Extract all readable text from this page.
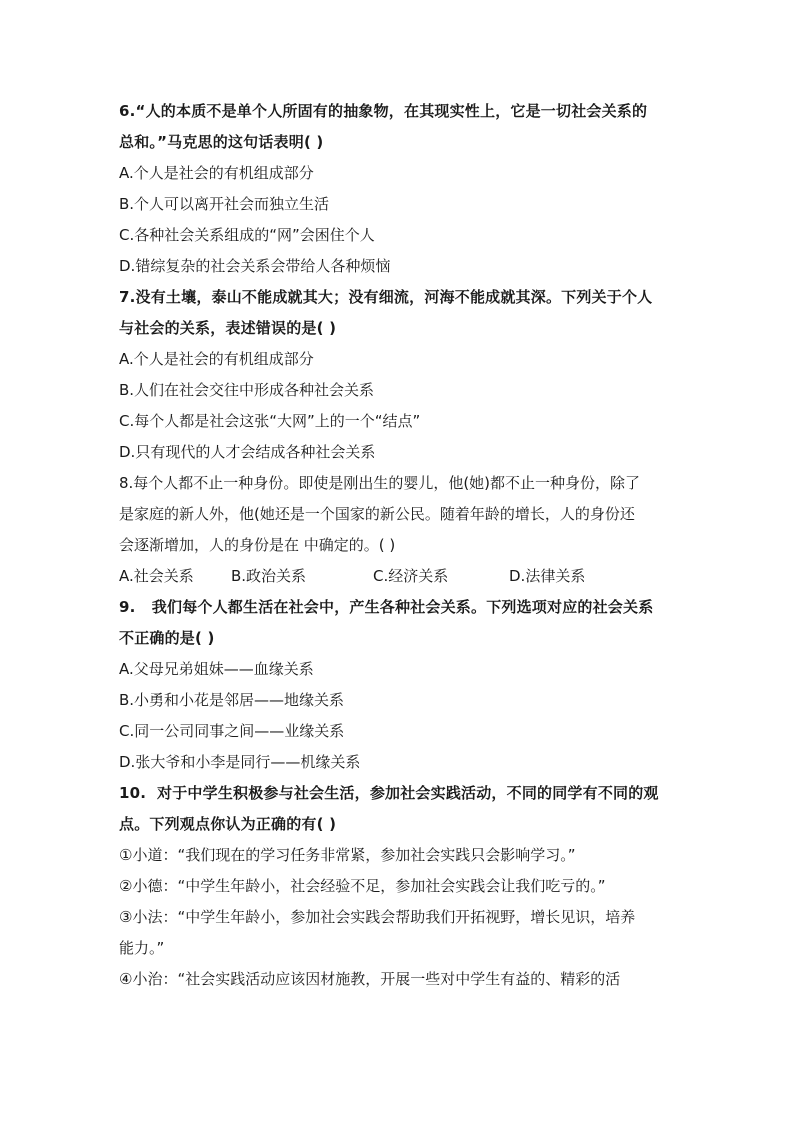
6.“人的本质不是单个人所固有的抽象物，在其现实性上，它是一切社会关系的
总和。”马克思的这句话表明( )
A.个人是社会的有机组成部分
B.个人可以离开社会而独立生活
C.各种社会关系组成的“网”会困住个人
D.错综复杂的社会关系会带给人各种烦恼
7.没有土壤，泰山不能成就其大；没有细流，河海不能成就其深。下列关于个人
与社会的关系，表述错误的是( )
A.个人是社会的有机组成部分
B.人们在社会交往中形成各种社会关系
C.每个人都是社会这张“大网”上的一个“结点”
D.只有现代的人才会结成各种社会关系
8.每个人都不止一种身份。即使是刚出生的婴儿，他(她)都不止一种身份，除了
是家庭的新人外，他(她还是一个国家的新公民。随着年龄的增长，人的身份还
会逐渐增加，人的身份是在 中确定的。( )
A.社会关系	B.政治关系	C.经济关系	D.法律关系
9.   我们每个人都生活在社会中，产生各种社会关系。下列选项对应的社会关系
不正确的是( )
A.父母兄弟姐妹——血缘关系
B.小勇和小花是邻居——地缘关系
C.同一公司同事之间——业缘关系
D.张大爷和小李是同行——机缘关系
10.  对于中学生积极参与社会生活，参加社会实践活动，不同的同学有不同的观
点。下列观点你认为正确的有( )
①小道：“我们现在的学习任务非常紧，参加社会实践只会影响学习。”
②小德：“中学生年龄小，社会经验不足，参加社会实践会让我们吃亏的。”
③小法：“中学生年龄小，参加社会实践会帮助我们开拓视野，增长见识，培养
能力。”
④小治：“社会实践活动应该因材施教，开展一些对中学生有益的、精彩的活
